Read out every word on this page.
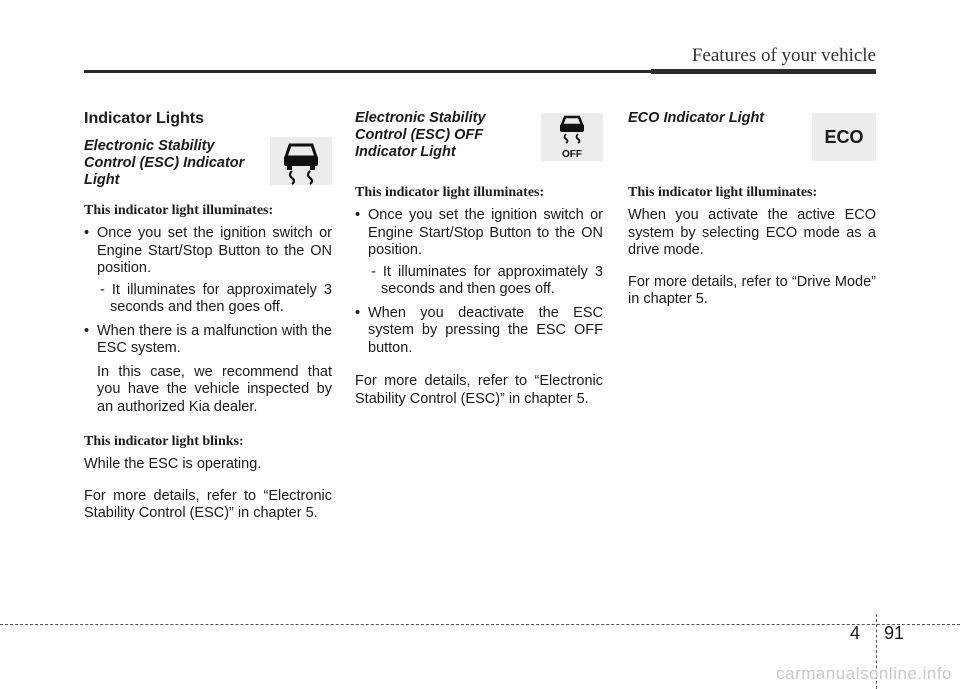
Features of your vehicle
Indicator Lights

Electronic Stability Control (ESC) Indicator Light

This indicator light illuminates:
• Once you set the ignition switch or Engine Start/Stop Button to the ON position.
- It illuminates for approximately 3 seconds and then goes off.
• When there is a malfunction with the ESC system.
In this case, we recommend that you have the vehicle inspected by an authorized Kia dealer.
This indicator light blinks:

While the ESC is operating.

For more details, refer to “Electronic Stability Control (ESC)” in chapter 5.

Electronic Stability Control (ESC) OFF Indicator Light

This indicator light illuminates:
• Once you set the ignition switch or Engine Start/Stop Button to the ON position.
- It illuminates for approximately 3 seconds and then goes off.
• When you deactivate the ESC system by pressing the ESC OFF button.

For more details, refer to “Electronic Stability Control (ESC)” in chapter 5.

OFF

ECO Indicator Light

This indicator light illuminates:

When you activate the active ECO system by selecting ECO mode as a drive mode.

For more details, refer to “Drive Mode” in chapter 5.

ECO
4 91
carmanualsonline.info
